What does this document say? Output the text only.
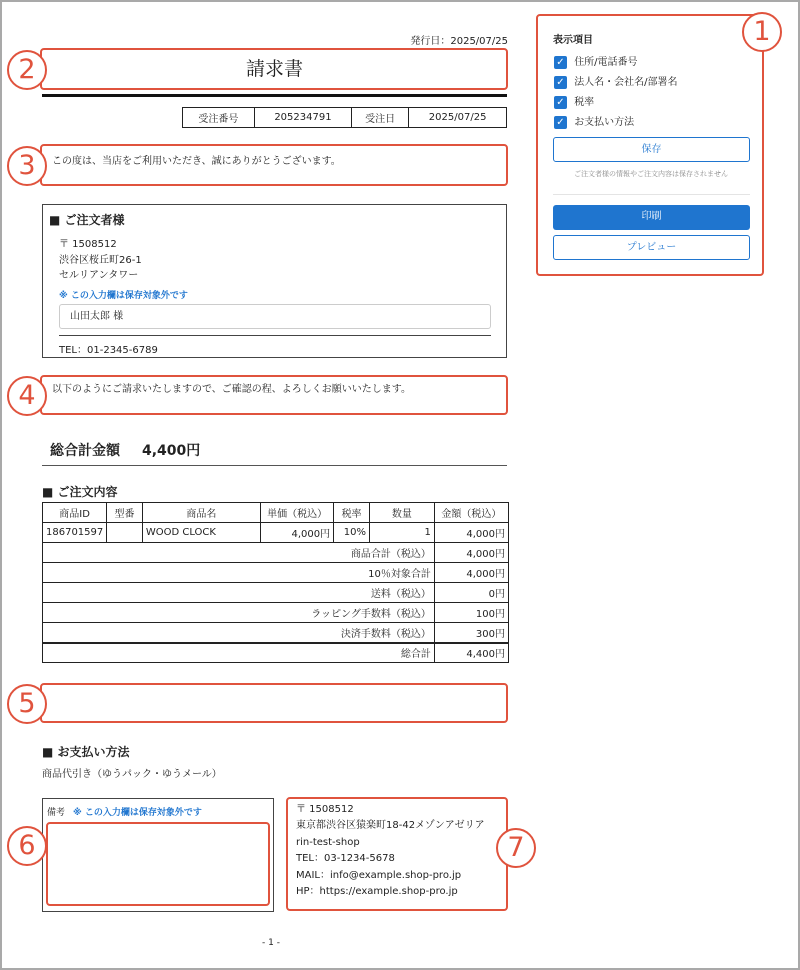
発行日：2025/07/25
請求書
受注番号	205234791	受注日	2025/07/25
この度は、当店をご利用いただき、誠にありがとうございます。
■ ご注文者様
〒 1508512
渋谷区桜丘町26-1
セルリアンタワー
※ この入力欄は保存対象外です
山田太郎 様
TEL：01-2345-6789
以下のようにご請求いたしますので、ご確認の程、よろしくお願いいたします。
総合計金額 4,400円
■ ご注文内容
商品ID	型番	商品名	単価（税込）	税率	数量	金額（税込）
186701597		WOOD CLOCK	4,000円	10%	1	4,000円
商品合計（税込）						4,000円
10％対象合計						4,000円
送料（税込）						0円
ラッピング手数料（税込）						100円
決済手数料（税込）						300円
総合計						4,400円
■ お支払い方法
商品代引き（ゆうパック・ゆうメール）
備考 ※ この入力欄は保存対象外です	〒 1508512
東京都渋谷区猿楽町18-42メゾンアゼリア
rin-test-shop
TEL：03-1234-5678
MAIL：info@example.shop-pro.jp
HP：https://example.shop-pro.jp
- 1 -
表示項目
✓ 住所/電話番号
✓ 法人名・会社名/部署名
✓ 税率
✓ お支払い方法
保存
ご注文者様の情報やご注文内容は保存されません
印刷
プレビュー
1
2
3
4
5
6	7
